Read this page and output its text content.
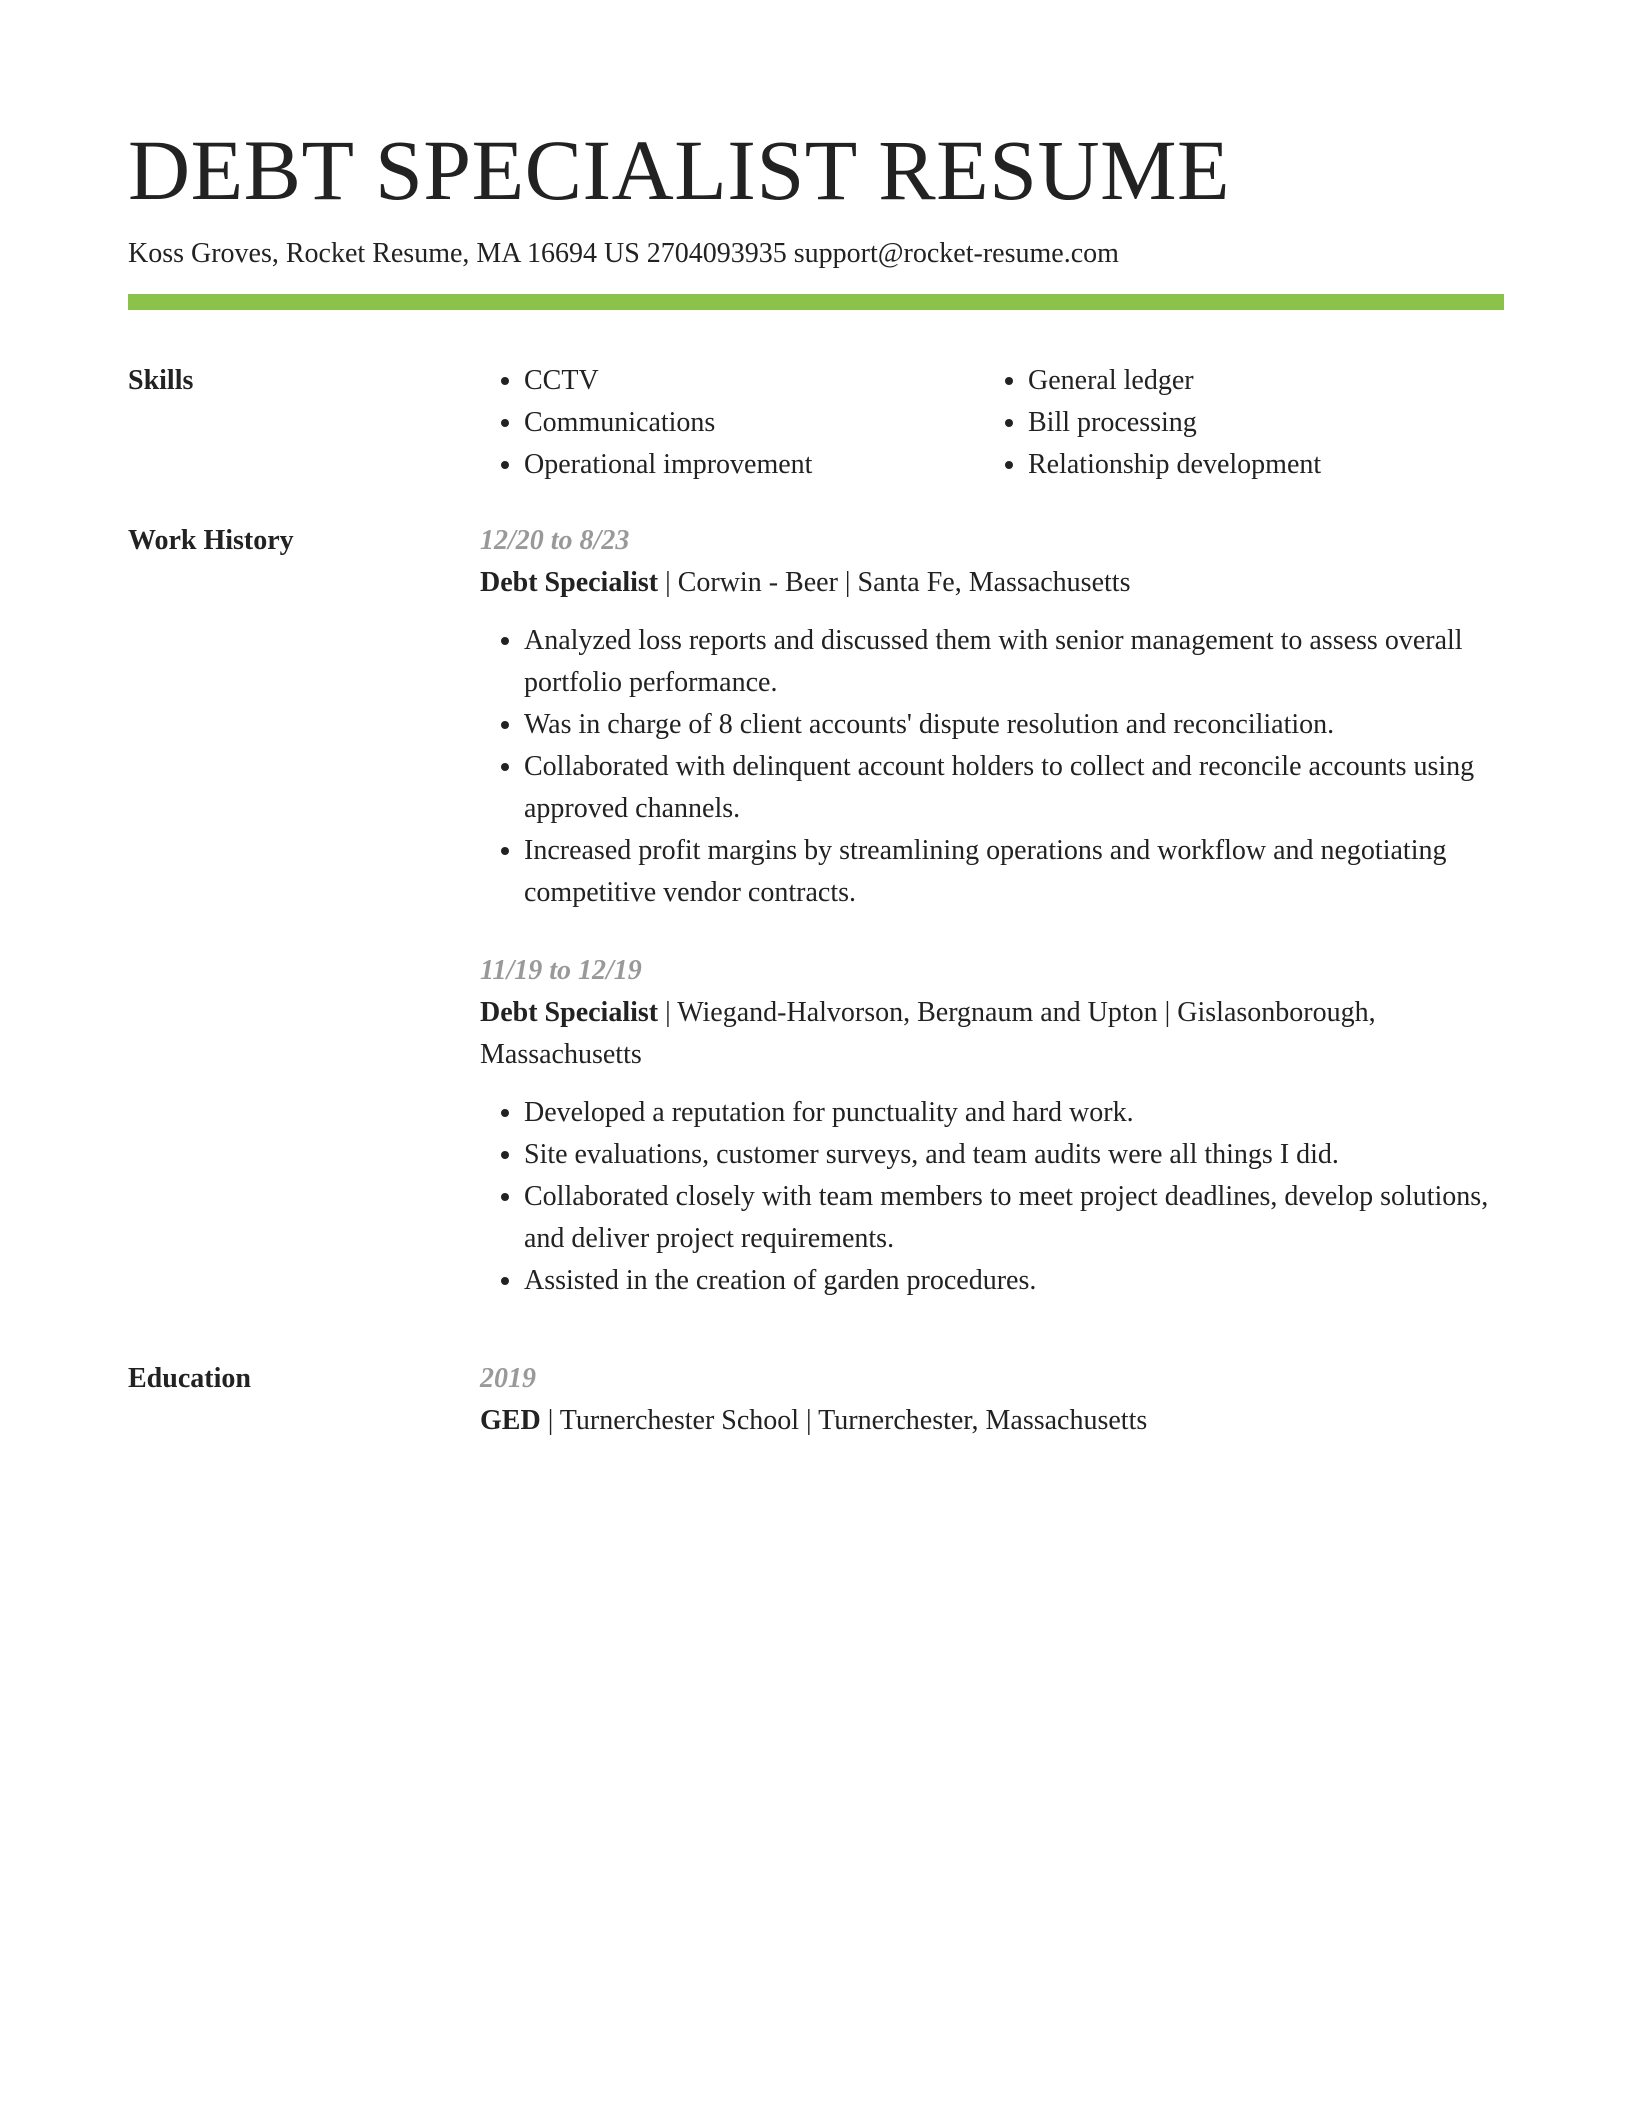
DEBT SPECIALIST RESUME
Koss Groves, Rocket Resume, MA 16694 US 2704093935 support@rocket-resume.com
Skills
•	CCTV
• Communications
• Operational improvement
• General ledger
• Bill processing
• Relationship development
Work History	12/20 to 8/23
Debt Specialist | Corwin - Beer | Santa Fe, Massachusetts
• Analyzed loss reports and discussed them with senior management to assess overall portfolio performance.
• Was in charge of 8 client accounts' dispute resolution and reconciliation.
• Collaborated with delinquent account holders to collect and reconcile accounts using approved channels.
• Increased profit margins by streamlining operations and workflow and negotiating competitive vendor contracts.
11/19 to 12/19
Debt Specialist | Wiegand-Halvorson, Bergnaum and Upton | Gislasonborough, Massachusetts
• Developed a reputation for punctuality and hard work.
• Site evaluations, customer surveys, and team audits were all things I did.
• Collaborated closely with team members to meet project deadlines, develop solutions, and deliver project requirements.
• Assisted in the creation of garden procedures.
Education	2019
GED | Turnerchester School | Turnerchester, Massachusetts
